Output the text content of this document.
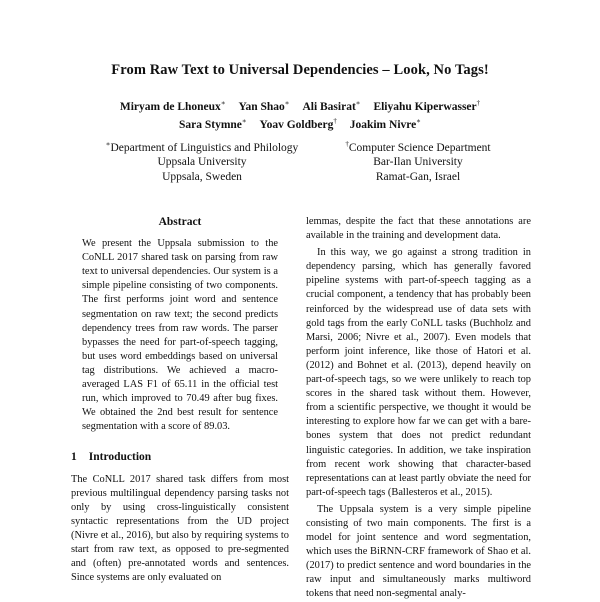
From Raw Text to Universal Dependencies – Look, No Tags!
Miryam de Lhoneux∗ Yan Shao∗ Ali Basirat∗ Eliyahu Kiperwasser†
Sara Stymne∗ Yoav Goldberg† Joakim Nivre∗
∗Department of Linguistics and Philology
Uppsala University
Uppsala, Sweden
†Computer Science Department
Bar-Ilan University
Ramat-Gan, Israel
Abstract

We present the Uppsala submission to the CoNLL 2017 shared task on parsing from raw text to universal dependencies. Our system is a simple pipeline consisting of two components. The first performs joint word and sentence segmentation on raw text; the second predicts dependency trees from raw words. The parser bypasses the need for part-of-speech tagging, but uses word embeddings based on universal tag distributions. We achieved a macro-averaged LAS F1 of 65.11 in the official test run, which improved to 70.49 after bug fixes. We obtained the 2nd best result for sentence segmentation with a score of 89.03.

1 Introduction

The CoNLL 2017 shared task differs from most previous multilingual dependency parsing tasks not only by using cross-linguistically consistent syntactic representations from the UD project (Nivre et al., 2016), but also by requiring systems to start from raw text, as opposed to pre-segmented and (often) pre-annotated words and sentences. Since systems are only evaluated on

lemmas, despite the fact that these annotations are available in the training and development data.

In this way, we go against a strong tradition in dependency parsing, which has generally favored pipeline systems with part-of-speech tagging as a crucial component, a tendency that has probably been reinforced by the widespread use of data sets with gold tags from the early CoNLL tasks (Buchholz and Marsi, 2006; Nivre et al., 2007). Even models that perform joint inference, like those of Hatori et al. (2012) and Bohnet et al. (2013), depend heavily on part-of-speech tags, so we were unlikely to reach top scores in the shared task without them. However, from a scientific perspective, we thought it would be interesting to explore how far we can get with a bare-bones system that does not predict redundant linguistic categories. In addition, we take inspiration from recent work showing that character-based representations can at least partly obviate the need for part-of-speech tags (Ballesteros et al., 2015).

The Uppsala system is a very simple pipeline consisting of two main components. The first is a model for joint sentence and word segmentation, which uses the BiRNN-CRF framework of Shao et al. (2017) to predict sentence and word boundaries in the raw input and simultaneously marks multiword tokens that need non-segmental analy-
